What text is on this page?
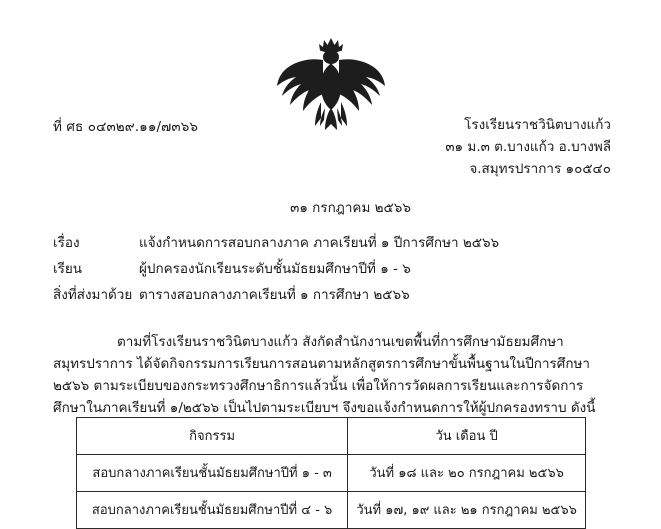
ที่ ศธ ๐๔๓๒๙.๑๑/๗๓๖๖	โรงเรียนราชวินิตบางแก้ว
๓๑ ม.๓ ต.บางแก้ว อ.บางพลี
จ.สมุทรปราการ ๑๐๕๔๐
๓๑ กรกฎาคม ๒๕๖๖
เรื่อง	แจ้งกำหนดการสอบกลางภาค ภาคเรียนที่ ๑ ปีการศึกษา ๒๕๖๖
เรียน	ผู้ปกครองนักเรียนระดับชั้นมัธยมศึกษาปีที่ ๑ - ๖
สิ่งที่ส่งมาด้วย ตารางสอบกลางภาคเรียนที่ ๑ การศึกษา ๒๕๖๖
ตามที่โรงเรียนราชวินิตบางแก้ว สังกัดสำนักงานเขตพื้นที่การศึกษามัธยมศึกษาสมุทรปราการ ได้จัดกิจกรรมการเรียนการสอนตามหลักสูตรการศึกษาขั้นพื้นฐานในปีการศึกษา ๒๕๖๖ ตามระเบียบของกระทรวงศึกษาธิการแล้วนั้น เพื่อให้การวัดผลการเรียนและการจัดการศึกษาในภาคเรียนที่ ๑/๒๕๖๖ เป็นไปตามระเบียบฯ จึงขอแจ้งกำหนดการให้ผู้ปกครองทราบ ดังนี้
กิจกรรม	วัน เดือน ปี
สอบกลางภาคเรียนชั้นมัธยมศึกษาปีที่ ๑ - ๓	วันที่ ๑๘ และ ๒๐ กรกฎาคม ๒๕๖๖
สอบกลางภาคเรียนชั้นมัธยมศึกษาปีที่ ๔ - ๖	วันที่ ๑๗, ๑๙ และ ๒๑ กรกฎาคม ๒๕๖๖
